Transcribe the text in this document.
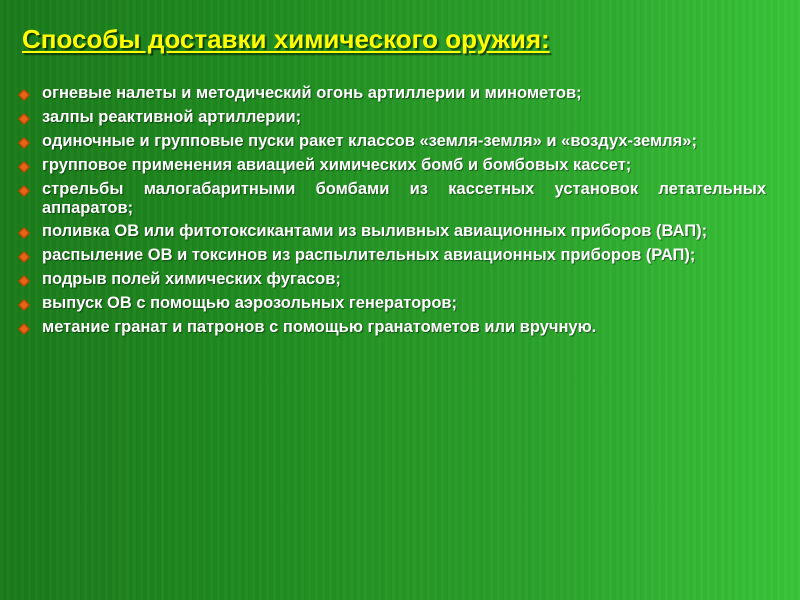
Способы доставки химического оружия:
огневые налеты и методический огонь артиллерии и минометов;
залпы реактивной артиллерии;
одиночные и групповые пуски ракет классов «земля-земля» и «воздух-земля»;
групповое применения авиацией химических бомб и бомбовых кассет;
стрельбы малогабаритными бомбами из кассетных установок летательных аппаратов;
поливка ОВ или фитотоксикантами из выливных авиационных приборов (ВАП);
распыление ОВ и токсинов из распылительных авиационных приборов (РАП);
подрыв полей химических фугасов;
выпуск ОВ с помощью аэрозольных генераторов;
метание гранат и патронов с помощью гранатометов или вручную.
